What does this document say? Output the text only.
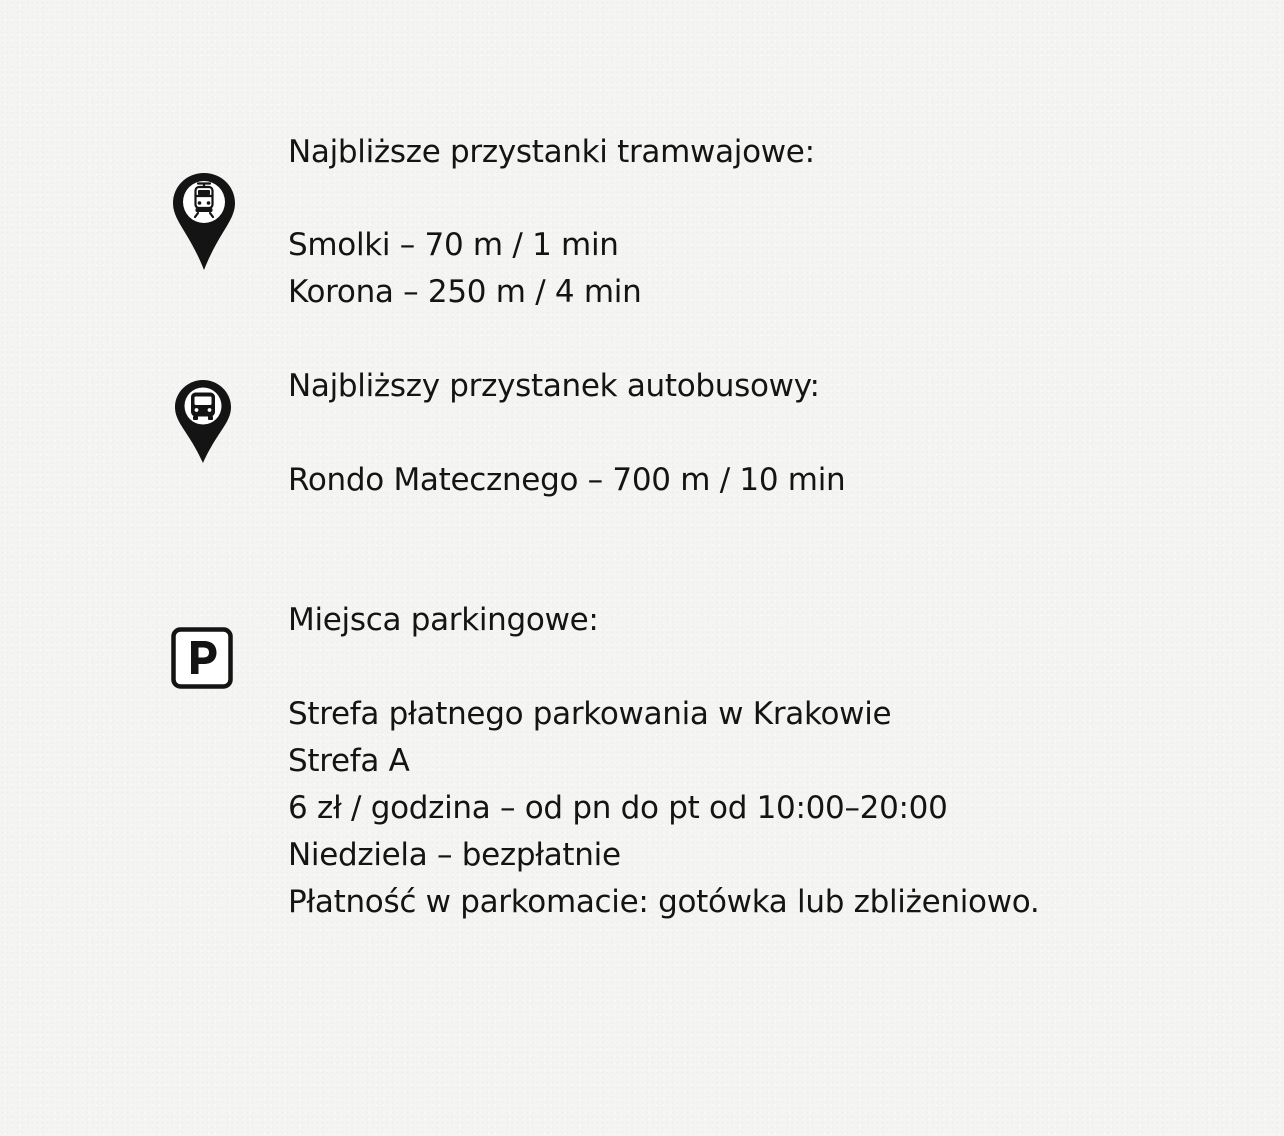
Najbliższe przystanki tramwajowe:

Smolki – 70 m / 1 min

Korona – 250 m / 4 min

Najbliższy przystanek autobusowy:

Rondo Matecznego – 700 m / 10 min

Miejsca parkingowe:

Strefa płatnego parkowania w Krakowie

Strefa A

6 zł / godzina – od pn do pt od 10:00–20:00

Niedziela – bezpłatnie

Płatność w parkomacie: gotówka lub zbliżeniowo.
